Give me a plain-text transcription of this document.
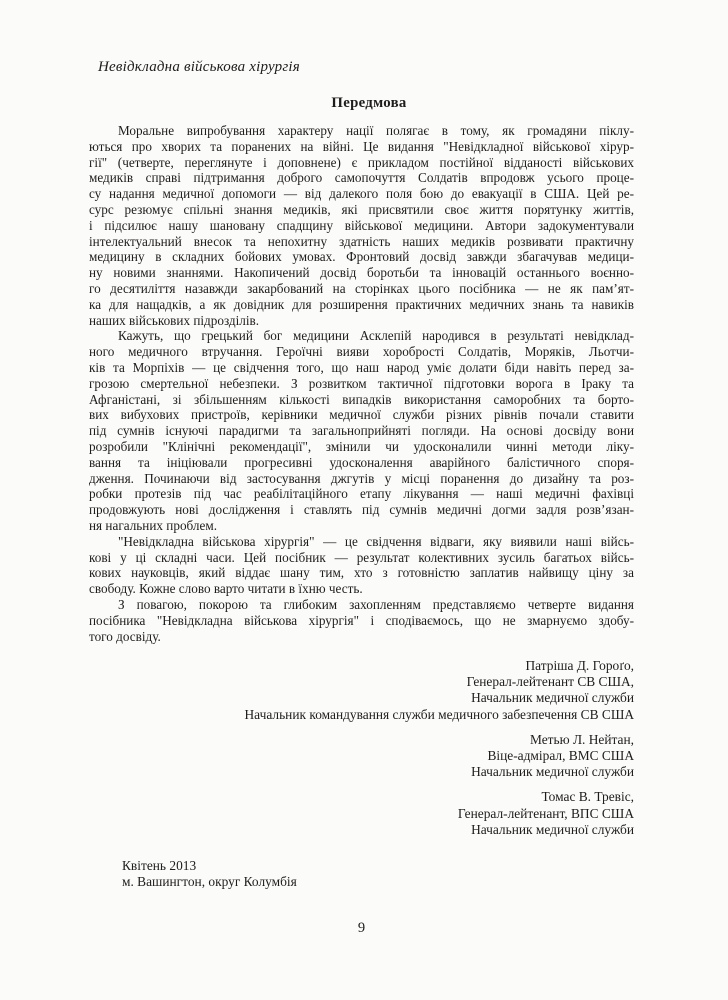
Невідкладна військова хірургія
Передмова
Моральне випробування характеру нації полягає в тому, як громадяни піклу-
ються про хворих та поранених на війні. Це видання "Невідкладної військової хірур-
гії" (четверте, переглянуте і доповнене) є прикладом постійної відданості військових
медиків справі підтримання доброго самопочуття Солдатів впродовж усього проце-
су надання медичної допомоги — від далекого поля бою до евакуації в США. Цей ре-
сурс резюмує спільні знання медиків, які присвятили своє життя порятунку життів,
і підсилює нашу шановану спадщину військової медицини. Автори задокументували
інтелектуальний внесок та непохитну здатність наших медиків розвивати практичну
медицину в складних бойових умовах. Фронтовий досвід завжди збагачував медици-
ну новими знаннями. Накопичений досвід боротьби та інновацій останнього воєнно-
го десятиліття назавжди закарбований на сторінках цього посібника — не як пам’ят-
ка для нащадків, а як довідник для розширення практичних медичних знань та навиків
наших військових підрозділів.
Кажуть, що грецький бог медицини Асклепій народився в результаті невідклад-
ного медичного втручання. Героїчні вияви хоробрості Солдатів, Моряків, Льотчи-
ків та Морпіхів — це свідчення того, що наш народ уміє долати біди навіть перед за-
грозою смертельної небезпеки. З розвитком тактичної підготовки ворога в Іраку та
Афганістані, зі збільшенням кількості випадків використання саморобних та борто-
вих вибухових пристроїв, керівники медичної служби різних рівнів почали ставити
під сумнів існуючі парадигми та загальноприйняті погляди. На основі досвіду вони
розробили "Клінічні рекомендації", змінили чи удосконалили чинні методи ліку-
вання та ініціювали прогресивні удосконалення аварійного балістичного споря-
дження. Починаючи від застосування джгутів у місці поранення до дизайну та роз-
робки протезів під час реабілітаційного етапу лікування — наші медичні фахівці
продовжують нові дослідження і ставлять під сумнів медичні догми задля розв’язан-
ня нагальних проблем.
"Невідкладна військова хірургія" — це свідчення відваги, яку виявили наші війсь-
кові у ці складні часи. Цей посібник — результат колективних зусиль багатьох війсь-
кових науковців, який віддає шану тим, хто з готовністю заплатив найвищу ціну за
свободу. Кожне слово варто читати в їхню честь.
З повагою, покорою та глибоким захопленням представляємо четверте видання
посібника "Невідкладна військова хірургія" і сподіваємось, що не змарнуємо здобу-
того досвіду.
Патріша Д. Гороґо,
Генерал-лейтенант СВ США,
Начальник медичної служби
Начальник командування служби медичного забезпечення СВ США
Метью Л. Нейтан,
Віце-адмірал, ВМС США
Начальник медичної служби
Томас В. Тревіс,
Генерал-лейтенант, ВПС США
Начальник медичної служби
Квітень 2013
м. Вашингтон, округ Колумбія
9
